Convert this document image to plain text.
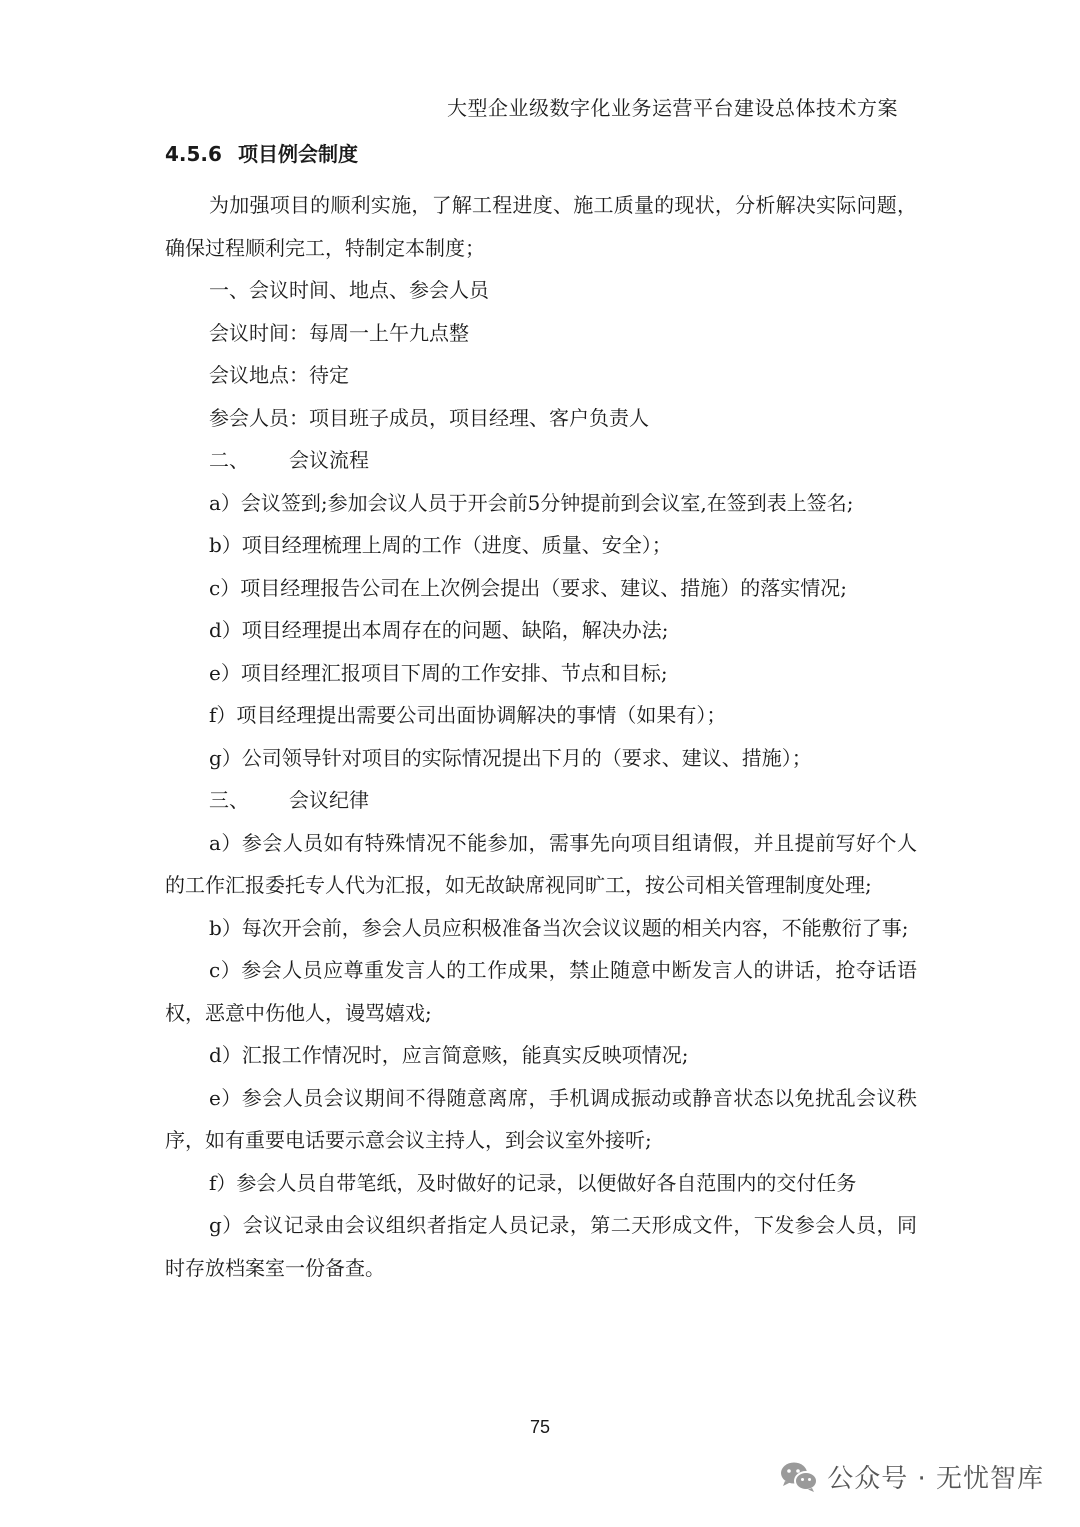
大型企业级数字化业务运营平台建设总体技术方案
4.5.6 项目例会制度

为加强项目的顺利实施，了解工程进度、施工质量的现状，分析解决实际问题，确保过程顺利完工，特制定本制度；

一、会议时间、地点、参会人员

会议时间：每周一上午九点整

会议地点：待定

参会人员：项目班子成员，项目经理、客户负责人

二、 会议流程

a）会议签到;参加会议人员于开会前5分钟提前到会议室,在签到表上签名;

b）项目经理梳理上周的工作（进度、质量、安全）；

c）项目经理报告公司在上次例会提出（要求、建议、措施）的落实情况;

d）项目经理提出本周存在的问题、缺陷，解决办法;

e）项目经理汇报项目下周的工作安排、节点和目标;

f）项目经理提出需要公司出面协调解决的事情（如果有）；

g）公司领导针对项目的实际情况提出下月的（要求、建议、措施）；

三、 会议纪律

a）参会人员如有特殊情况不能参加，需事先向项目组请假，并且提前写好个人的工作汇报委托专人代为汇报，如无故缺席视同旷工，按公司相关管理制度处理;

b）每次开会前，参会人员应积极准备当次会议议题的相关内容，不能敷衍了事;

c）参会人员应尊重发言人的工作成果，禁止随意中断发言人的讲话，抢夺话语权，恶意中伤他人，谩骂嬉戏;

d）汇报工作情况时，应言简意赅，能真实反映项情况;

e）参会人员会议期间不得随意离席，手机调成振动或静音状态以免扰乱会议秩序，如有重要电话要示意会议主持人，到会议室外接听;

f）参会人员自带笔纸，及时做好的记录，以便做好各自范围内的交付任务

g）会议记录由会议组织者指定人员记录，第二天形成文件，下发参会人员，同时存放档案室一份备查。

75
公众号 · 无忧智库
